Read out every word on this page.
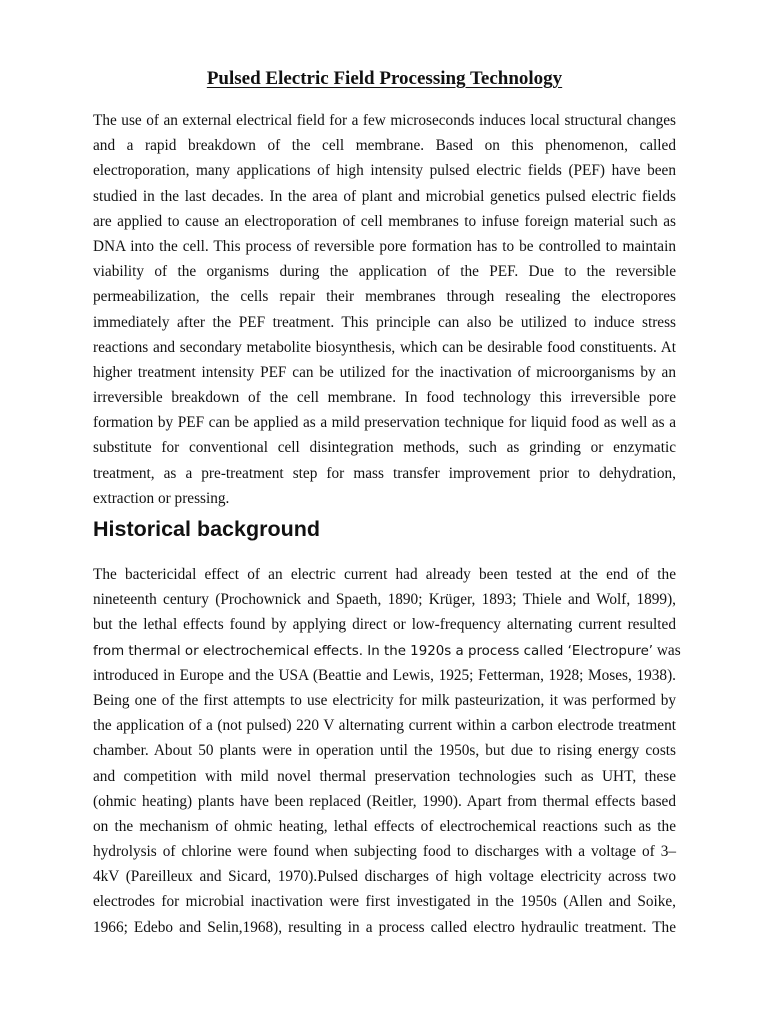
Pulsed Electric Field Processing Technology
The use of an external electrical field for a few microseconds induces local structural changes
and a rapid breakdown of the cell membrane. Based on this phenomenon, called
electroporation, many applications of high intensity pulsed electric fields (PEF) have been
studied in the last decades. In the area of plant and microbial genetics pulsed electric fields
are applied to cause an electroporation of cell membranes to infuse foreign material such as
DNA into the cell. This process of reversible pore formation has to be controlled to maintain
viability of the organisms during the application of the PEF. Due to the reversible
permeabilization, the cells repair their membranes through resealing the electropores
immediately after the PEF treatment. This principle can also be utilized to induce stress
reactions and secondary metabolite biosynthesis, which can be desirable food constituents. At
higher treatment intensity PEF can be utilized for the inactivation of microorganisms by an
irreversible breakdown of the cell membrane. In food technology this irreversible pore
formation by PEF can be applied as a mild preservation technique for liquid food as well as a
substitute for conventional cell disintegration methods, such as grinding or enzymatic
treatment, as a pre-treatment step for mass transfer improvement prior to dehydration,
extraction or pressing.
Historical background
The bactericidal effect of an electric current had already been tested at the end of the
nineteenth century (Prochownick and Spaeth, 1890; Krüger, 1893; Thiele and Wolf, 1899),
but the lethal effects found by applying direct or low-frequency alternating current resulted
from thermal or electrochemical effects. In the 1920s a process called ‘Electropure’ was
introduced in Europe and the USA (Beattie and Lewis, 1925; Fetterman, 1928; Moses, 1938).
Being one of the first attempts to use electricity for milk pasteurization, it was performed by
the application of a (not pulsed) 220 V alternating current within a carbon electrode treatment
chamber. About 50 plants were in operation until the 1950s, but due to rising energy costs
and competition with mild novel thermal preservation technologies such as UHT, these
(ohmic heating) plants have been replaced (Reitler, 1990). Apart from thermal effects based
on the mechanism of ohmic heating, lethal effects of electrochemical reactions such as the
hydrolysis of chlorine were found when subjecting food to discharges with a voltage of 3–
4kV (Pareilleux and Sicard, 1970).Pulsed discharges of high voltage electricity across two
electrodes for microbial inactivation were first investigated in the 1950s (Allen and Soike,
1966; Edebo and Selin,1968), resulting in a process called electro hydraulic treatment. The
